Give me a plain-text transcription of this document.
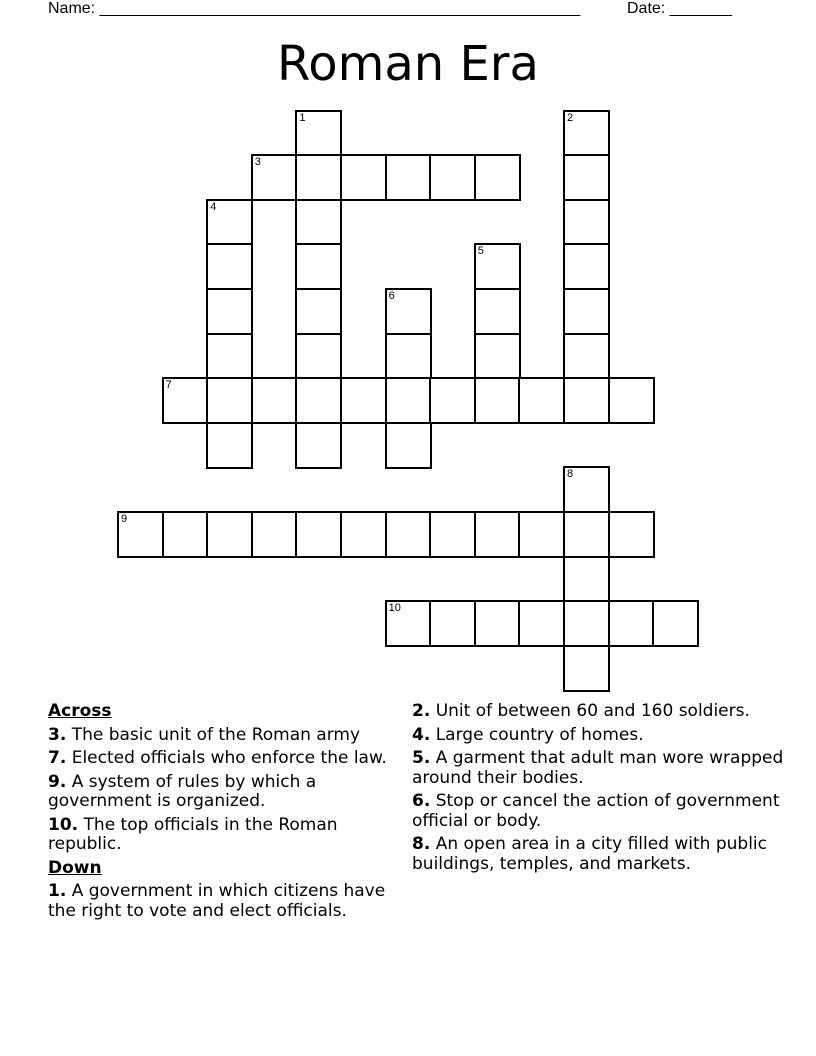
Name: ______________________________________________________	Date: _______
Roman Era
1	2
3
4
5
6
7
8
9
10
Across
3. The basic unit of the Roman army
7. Elected officials who enforce the law.
9. A system of rules by which a government is organized.
10. The top officials in the Roman republic.
Down
1. A government in which citizens have the right to vote and elect officials.
2. Unit of between 60 and 160 soldiers.
4. Large country of homes.
5. A garment that adult man wore wrapped around their bodies.
6. Stop or cancel the action of government official or body.
8. An open area in a city filled with public buildings, temples, and markets.
